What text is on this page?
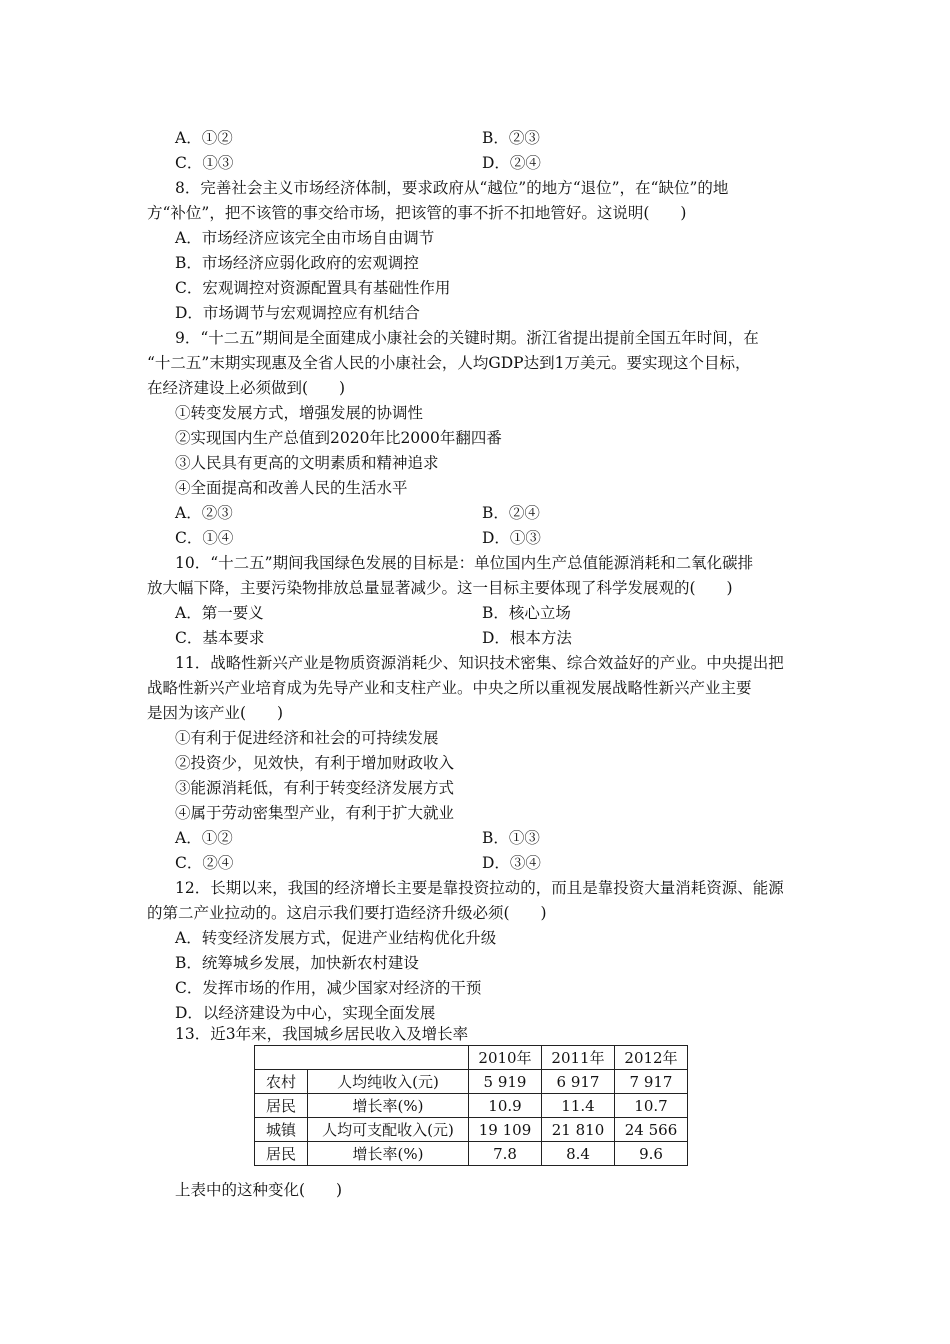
A．①②	B．②③
C．①③	D．②④
8．完善社会主义市场经济体制，要求政府从“越位”的地方“退位”，在“缺位”的地
方“补位”，把不该管的事交给市场，把该管的事不折不扣地管好。这说明(　　)
A．市场经济应该完全由市场自由调节
B．市场经济应弱化政府的宏观调控
C．宏观调控对资源配置具有基础性作用
D．市场调节与宏观调控应有机结合
9．“十二五”期间是全面建成小康社会的关键时期。浙江省提出提前全国五年时间，在
“十二五”末期实现惠及全省人民的小康社会，人均GDP达到1万美元。要实现这个目标，
在经济建设上必须做到(　　)
①转变发展方式，增强发展的协调性
②实现国内生产总值到2020年比2000年翻四番
③人民具有更高的文明素质和精神追求
④全面提高和改善人民的生活水平
A．②③	B．②④
C．①④	D．①③
10．“十二五”期间我国绿色发展的目标是：单位国内生产总值能源消耗和二氧化碳排
放大幅下降，主要污染物排放总量显著减少。这一目标主要体现了科学发展观的(　　)
A．第一要义	B．核心立场
C．基本要求	D．根本方法
11．战略性新兴产业是物质资源消耗少、知识技术密集、综合效益好的产业。中央提出把
战略性新兴产业培育成为先导产业和支柱产业。中央之所以重视发展战略性新兴产业主要
是因为该产业(　　)
①有利于促进经济和社会的可持续发展
②投资少，见效快，有利于增加财政收入
③能源消耗低，有利于转变经济发展方式
④属于劳动密集型产业，有利于扩大就业
A．①②	B．①③
C．②④	D．③④
12．长期以来，我国的经济增长主要是靠投资拉动的，而且是靠投资大量消耗资源、能源
的第二产业拉动的。这启示我们要打造经济升级必须(　　)
A．转变经济发展方式，促进产业结构优化升级
B．统筹城乡发展，加快新农村建设
C．发挥市场的作用，减少国家对经济的干预
D．以经济建设为中心，实现全面发展
13．近3年来，我国城乡居民收入及增长率
		2010年	2011年	2012年
农村	人均纯收入(元)	5 919	6 917	7 917
居民	增长率(%)	10.9	11.4	10.7
城镇	人均可支配收入(元)	19 109	21 810	24 566
居民	增长率(%)	7.8	8.4	9.6
上表中的这种变化(　　)
